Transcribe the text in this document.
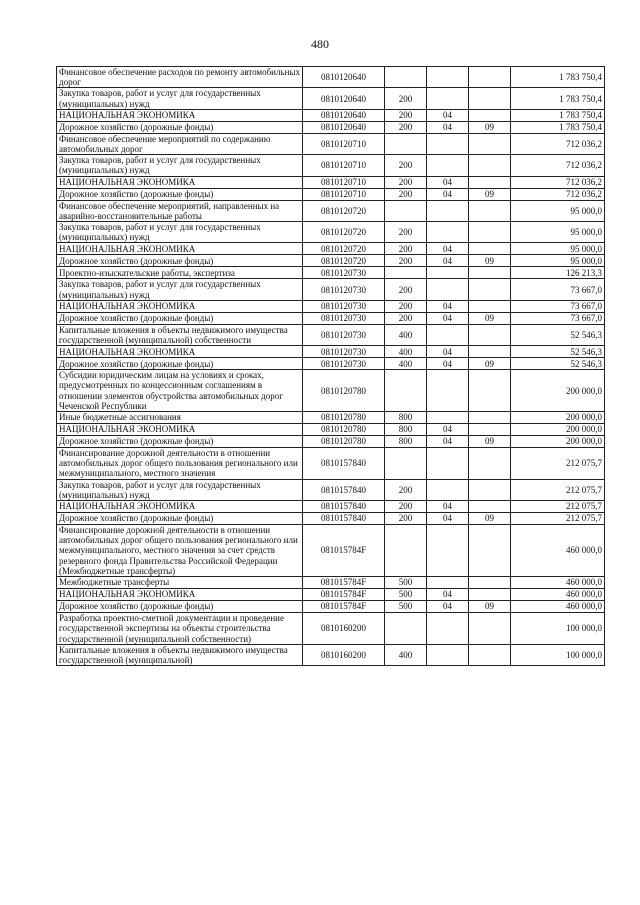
480
Финансовое обеспечение расходов по ремонту автомобильных дорог	0810120640				1 783 750,4
Закупка товаров, работ и услуг для государственных (муниципальных) нужд	0810120640	200			1 783 750,4
НАЦИОНАЛЬНАЯ ЭКОНОМИКА	0810120640	200	04		1 783 750,4
Дорожное хозяйство (дорожные фонды)	0810120640	200	04	09	1 783 750,4
Финансовое обеспечение мероприятий по содержанию автомобильных дорог	0810120710				712 036,2
Закупка товаров, работ и услуг для государственных (муниципальных) нужд	0810120710	200			712 036,2
НАЦИОНАЛЬНАЯ ЭКОНОМИКА	0810120710	200	04		712 036,2
Дорожное хозяйство (дорожные фонды)	0810120710	200	04	09	712 036,2
Финансовое обеспечение мероприятий, направленных на аварийно-восстановительные работы	0810120720				95 000,0
Закупка товаров, работ и услуг для государственных (муниципальных) нужд	0810120720	200			95 000,0
НАЦИОНАЛЬНАЯ ЭКОНОМИКА	0810120720	200	04		95 000,0
Дорожное хозяйство (дорожные фонды)	0810120720	200	04	09	95 000,0
Проектно-изыскательские работы, экспертиза	0810120730				126 213,3
Закупка товаров, работ и услуг для государственных (муниципальных) нужд	0810120730	200			73 667,0
НАЦИОНАЛЬНАЯ ЭКОНОМИКА	0810120730	200	04		73 667,0
Дорожное хозяйство (дорожные фонды)	0810120730	200	04	09	73 667,0
Капитальные вложения в объекты недвижимого имущества государственной (муниципальной) собственности	0810120730	400			52 546,3
НАЦИОНАЛЬНАЯ ЭКОНОМИКА	0810120730	400	04		52 546,3
Дорожное хозяйство (дорожные фонды)	0810120730	400	04	09	52 546,3
Субсидии юридическим лицам на условиях и сроках, предусмотренных по концессионным соглашениям в отношении элементов обустройства автомобильных дорог Чеченской Республики	0810120780				200 000,0
Иные бюджетные ассигнования	0810120780	800			200 000,0
НАЦИОНАЛЬНАЯ ЭКОНОМИКА	0810120780	800	04		200 000,0
Дорожное хозяйство (дорожные фонды)	0810120780	800	04	09	200 000,0
Финансирование дорожной деятельности в отношении автомобильных дорог общего пользования регионального или межмуниципального, местного значения	0810157840				212 075,7
Закупка товаров, работ и услуг для государственных (муниципальных) нужд	0810157840	200			212 075,7
НАЦИОНАЛЬНАЯ ЭКОНОМИКА	0810157840	200	04		212 075,7
Дорожное хозяйство (дорожные фонды)	0810157840	200	04	09	212 075,7
Финансирование дорожной деятельности в отношении автомобильных дорог общего пользования регионального или межмуниципального, местного значения за счет средств резервного фонда Правительства Российской Федерации (Межбюджетные трансферты)	081015784F				460 000,0
Межбюджетные трансферты	081015784F	500			460 000,0
НАЦИОНАЛЬНАЯ ЭКОНОМИКА	081015784F	500	04		460 000,0
Дорожное хозяйство (дорожные фонды)	081015784F	500	04	09	460 000,0
Разработка проектно-сметной документации и проведение государственной экспертизы на объекты строительства государственной (муниципальной собственности)	0810160200				100 000,0
Капитальные вложения в объекты недвижимого имущества государственной (муниципальной)	0810160200	400			100 000,0
